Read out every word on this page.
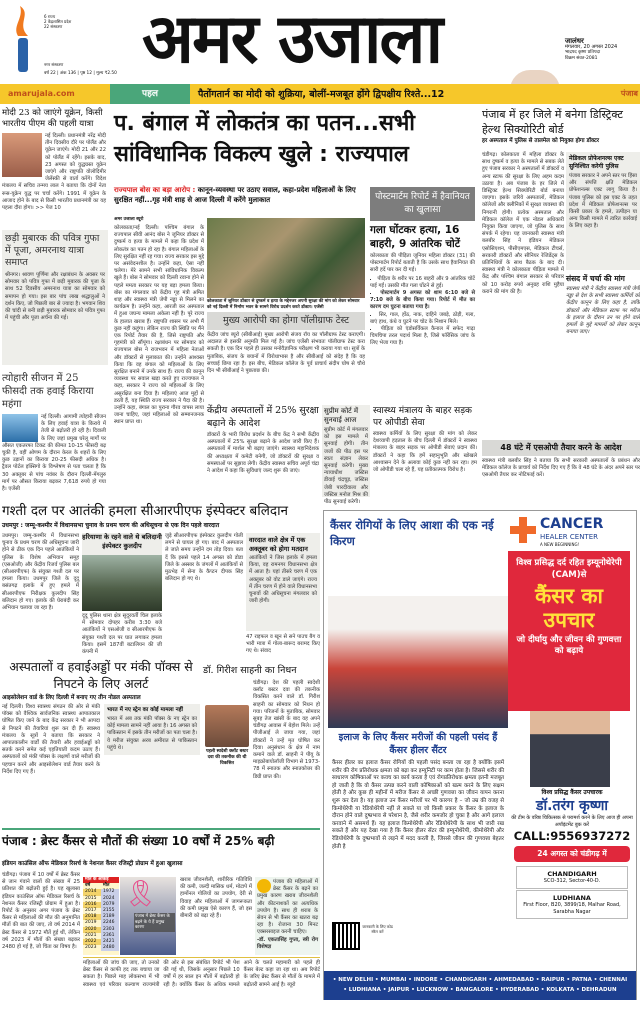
6 राज्य
2 केंद्रशासित प्रदेश
22 संस्करण
नगर संस्करण
वर्ष 22 | अंक 136 | पृष्ठ 12 | मूल्य ₹2.50 अमर उजाला	जालंधर
मंगलवार, 20 अगस्त 2024
भाद्रपद कृष्ण प्रतिपदा
विक्रम संवत-2081
amarujala.com	पहल	पैतोंगतार्न का मोदी को शुक्रिया, बोलीं-मजबूत होंगे द्विपक्षीय रिश्ते...12	पंजाब
मोदी 23 को जाएंगे यूक्रेन, किसी भारतीय पीएम की पहली यात्रा
नई दिल्ली। प्रधानमंत्री नरेंद्र मोदी तीन दिवसीय दौरे पर पोलैंड और यूक्रेन जाएंगे। मोदी 21 और 22 को पोलैंड में रहेंगे। इसके बाद, 23 अगस्त को युद्धग्रस्त यूक्रेन जाएंगे और राष्ट्रपति वोलोदिमीर जेलेंस्की से वार्ता करेंगे। विदेश मंत्रालय में सचिव तन्मय लाल ने बताया कि दोनों नेता रूस-यूक्रेन युद्ध पर चर्चा करेंगे। 1991 में यूक्रेन के आजाद होने के बाद से किसी भारतीय प्रधानमंत्री का यह पहला दौरा होगा। >> पेज 10
छड़ी मुबारक की पवित्र गुफा में पूजा, अमरनाथ यात्रा समाप्त
श्रीनगर। श्रावण पूर्णिमा और रक्षाबंधन के अवसर पर सोमवार को पवित्र गुफा में छड़ी मुबारक की पूजा के साथ 52 दिवसीय अमरनाथ यात्रा का सोमवार को समापन हो गया। इस बार पांच लाख श्रद्धालुओं ने दर्शन किए, जो पिछली बार से ज्यादा है। भगवान शिव की चांदी से बनी छड़ी मुबारक सोमवार को पवित्र गुफा में पहुंची और पूजा अर्चना की गई।
त्योहारी सीजन में 25 फीसदी तक हवाई किराया महंगा
नई दिल्ली। आगामी त्योहारी सीजन के लिए हवाई यात्रा के किराये में तेजी से बढ़ोतरी हो रही है। दिवाली के लिए जहां प्रमुख घरेलू मार्गों पर औसत एकतरफा टिकट की कीमत 10-15 फीसदी बढ़ चुकी है, वहीं ओणम के दौरान केरल के शहरों के लिए कुछ उड़ानों का किराया 20-25 फीसदी अधिक है। ट्रैवल पोर्टल इक्सिगो के विश्लेषण से पता चलता है कि 30 अक्तूबर से पांच नवंबर के दौरान दिल्ली-मेंगलुरु मार्ग पर औसत किराया बढ़कर 7,618 रुपये हो गया है। एजेंसी
प. बंगाल में लोकतंत्र का पतन...सभी सांविधानिक विकल्प खुले : राज्यपाल
राज्यपाल बोस का बड़ा आरोप : कानून-व्यवस्था पर उठाए सवाल, कहा-प्रदेश महिलाओं के लिए सुरक्षित नहीं...गृह मंत्री शाह से आज दिल्ली में करेंगे मुलाकात
अमर उजाला ब्यूरो
कोलकाता/नई दिल्ली। पश्चिम बंगाल के राज्यपाल सीवी आनंद बोस ने जूनियर डॉक्टर से दुष्कर्म व हत्या के मामले में कहा कि प्रदेश में लोकतंत्र का पतन हो रहा है। बंगाल महिलाओं के लिए सुरक्षित नहीं रह गया। राज्य सरकार इस मुद्दे पर असंवेदनशील है। उन्होंने कहा, ऐसा नहीं चलेगा। मेरे सामने सभी सांविधानिक विकल्प खुले हैं। बोस ने सोमवार को दिल्ली रवाना होने से पहले ममता सरकार पर यह बड़ा हमला किया। बोस का मंगलवार को केंद्रीय गृह मंत्री अमित शाह और स्वास्थ्य मंत्री जेपी नड्डा से मिलने का कार्यक्रम है। उन्होंने कहा, आरजी कर अस्पताल में हुआ जघन्य मामला अकेला नहीं है। पूरे राज्य के हालात खराब हैं। राष्ट्रपति शासन पर अभी मैं कुछ नहीं कहूंगा। लेकिन राज्य की स्थिति पर मैंने एक रिपोर्ट तैयार की है, जिसे राष्ट्रपति और गृहमंत्री को सौंपूंगा। रक्षाबंधन पर सोमवार को राज्यपाल बोस ने राजभवन में महिला नेताओं और डॉक्टरों से मुलाकात की। उन्होंने आश्वस्त किया कि वह बंगाल को महिलाओं के लिए सुरक्षित बनाने में उनके साथ हैं। राज्य की कानून व्यवस्था पर सवाल खड़ा करते हुए राज्यपाल ने कहा, सरकार ने राज्य को महिलाओं के लिए असुरक्षित बना दिया है। महिलाएं आज मुद्दों से डरती हैं, यह स्थिति राज्य सरकार ने पैदा की है। उन्होंने कहा, बंगाल का पुराना गौरव वापस लाया जाना चाहिए, जहां महिलाओं को सम्मानजनक स्थान प्राप्त था।
कोलकाता में जूनियर डॉक्टर से दुष्कर्म व हत्या के मद्देनजर अपनी सुरक्षा की मांग को लेकर सोमवार को नई दिल्ली में निर्माण भवन के सामने विरोध प्रदर्शन करते डॉक्टर। एजेंसी
मुख्य आरोपी का होगा पॉलीग्राफ टेस्ट
केंद्रीय जांच ब्यूरो (सीबीआई) मुख्य आरोपी संजय रॉय का पॉलीग्राफ टेस्ट कराएगी। अदालत से इसकी अनुमति मिल गई है। जांच एजेंसी संभवतः पॉलीग्राफ टेस्ट करा सकती है। एक दिन पहले ही उसका मनोवैज्ञानिक परीक्षण भी कराया गया था। सूत्रों के मुताबिक, संजय के बयानों में विरोधाभास है और सीबीआई को संदेह है कि वह सच्चाई छिपा रहा है। इस बीच, मेडिकल कॉलेज के पूर्व प्राचार्य संदीप घोष से चौथे दिन भी सीबीआई ने पूछताछ की।
पोस्टमार्टम रिपोर्ट में हैवानियत का खुलासा
गला घोंटकर हत्या, 16 बाहरी, 9 आंतरिक चोटें
कोलकाता की पीड़िता जूनियर महिला डॉक्टर (31) की पोस्टमार्टम रिपोर्ट बताती है कि उसके साथ हैवानियत की सारी हदें पार कर दी गईं।
▪ पीड़िता के शरीर पर 16 बाहरी और 9 आंतरिक चोटें पाई गईं। उसकी मौत गला घोंटने से हुई।
▪ पोस्टमार्टम 9 अगस्त को शाम 6:10 बजे से 7:10 बजे के बीच किया गया। रिपोर्ट में मौत का कारण दम घुटना बताया गया है।
▪ सिर, गाल, होंठ, नाक, दाहिने जबड़े, ठोड़ी, गला, बाएं हाथ, कंधे व घुटने पर चोट के निशान मिले।
▪ पीड़िता को एंडोसर्विकल कैनाल में सफेद गाढ़ा चिपचिपा तरल पदार्थ मिला है, जिसे फॉरेंसिक जांच के लिए भेजा गया है।
केंद्रीय अस्पतालों में 25% सुरक्षा बढ़ाने के आदेश
डॉक्टरों के भारी विरोध प्रदर्शन के बीच केंद्र ने सभी केंद्रीय अस्पतालों में 25% सुरक्षा बढ़ाने के आदेश जारी किए हैं। अस्पतालों में मार्शल भी बढ़ाए जाएंगे। स्वास्थ्य महानिदेशक की अध्यक्षता में कमेटी बनेगी, जो डॉक्टरों की सुरक्षा व समस्याओं पर सुझाव लेगी। केंद्रीय स्वास्थ्य सचिव अपूर्व चंद्रा ने आदेश में कहा कि सुविधाएं जल्द शुरू की जाएं।
सुप्रीम कोर्ट में सुनवाई आज
सुप्रीम कोर्ट में मंगलवार को इस मामले में सुनवाई होगी। तीन जजों की पीठ इस पर स्वतः संज्ञान लेकर सुनवाई करेगी। मुख्य न्यायाधीश जस्टिस डीवाई चंद्रचूड़, जस्टिस जेबी पारदीवाला और जस्टिस मनोज मिश्र की पीठ सुनवाई करेगी।
स्वास्थ्य मंत्रालय के बाहर सड़क पर ओपीडी सेवा
स्वास्थ्य कर्मियों के लिए सुरक्षा की मांग को लेकर देशव्यापी हड़ताल के बीच दिल्ली में डॉक्टरों ने स्वास्थ्य मंत्रालय के बाहर सड़क पर ओपीडी सेवाएं प्रदान कीं। डॉक्टरों ने कहा कि हमें सहानुभूति और खोखले आश्वासन देने के अलावा कोई कुछ नहीं कर रहा। हम जो ओपीडी चला रहे हैं, यह प्रतीकात्मक विरोध है।
पंजाब में हर जिले में बनेगा डिस्ट्रिक्ट हेल्थ सिक्योरिटी बोर्ड
हर अस्पताल में पुलिस से तालमेल को नियुक्त होगा डॉक्टर
चंडीगढ़। कोलकाता में महिला डॉक्टर के साथ दुष्कर्म व हत्या के मामले से सबक लेते हुए पंजाब सरकार ने अस्पतालों में डॉक्टरों व अन्य स्टाफ की सुरक्षा के लिए अहम कदम उठाया है। अब पंजाब के हर जिले में डिस्ट्रिक्ट हेल्थ सिक्योरिटी बोर्ड बनाया जाएगा। इसके जरिये अस्पतालों, मेडिकल कॉलेजों और क्लीनिकों में सुरक्षा व्यवस्था की निगरानी होगी। प्रत्येक अस्पताल और मेडिकल कॉलेज में एक नोडल अधिकारी नियुक्त किया जाएगा, जो पुलिस के साथ संपर्क में रहेगा। यह जानकारी स्वास्थ्य मंत्री बलबीर सिंह ने इंडियन मेडिकल एसोसिएशन, पीसीएमएस, मेडिकल टीचर्स, सरकारी डॉक्टरों और सीनियर रेजिडेंट्स के प्रतिनिधियों के साथ बैठक के बाद दी। स्वास्थ्य मंत्री ने कोलकाता पीड़िता मामले में केंद्र और पश्चिम बंगाल सरकार से परिवार को 10 करोड़ रुपये अनुग्रह राशि मुहैया कराने की मांग की है।
मेडिकल प्रोफेशनल्स एक्ट सुनिश्चित करेगी पुलिस
पंजाब सरकार ने अपने स्तर पर हिंसा और संपत्ति क्षति मेडिकल प्रोफेशनल्स एक्ट लागू किया है। पंजाब पुलिस को इस एक्ट के तहत प्रदेश में मेडिकल प्रोफेशनल्स पर किसी प्रकार के हमले, उत्पीड़न या अन्य किसी मामले में त्वरित कार्रवाई के लिए कहा है।
संसद में चर्चा की मांग
स्वास्थ्य मंत्री ने केंद्रीय स्वास्थ्य मंत्री जेपी नड्डा से देश के सभी स्वास्थ्य कर्मियों को केंद्रीय कानून के लिए कहा है, ताकि डॉक्टरों और मेडिकल स्टाफ पर मरीज के इलाज के दौरान उन पर होने वाले हमलों के मुद्दे मामलों को लेकर कानून बनाया जाए।
48 घंटे में एसओपी तैयार करने के आदेश
स्वास्थ्य मंत्री बलबीर सिंह ने बताया कि सभी सरकारी अस्पतालों के प्रबंधन और मेडिकल कॉलेज के प्राचार्य को निर्देश दिए गए हैं कि वे 48 घंटे के अंदर अपने स्तर पर एसओपी तैयार कर नोटिफाई करें।
गश्ती दल पर आतंकी हमला सीआरपीएफ इंस्पेक्टर बलिदान
उधमपुर : जम्मू-कश्मीर में विधानसभा चुनाव के प्रथम चरण की अधिसूचना से एक दिन पहले वारदात
उधमपुर। जम्मू-कश्मीर में विधानसभा चुनाव के प्रथम चरण की अधिसूचना जारी होने से ठीक एक दिन पहले आतंकियों ने पुलिस के विशेष अभियान समूह (एसओजी) और केंद्रीय रिजर्व पुलिस बल (सीआरपीएफ) के संयुक्त गश्ती दल पर हमला किया। उधमपुर जिले के दूदू बसंतगढ़ इलाके में हुए हमले में सीआरपीएफ निरीक्षक कुलदीप सिंह बलिदान हो गए। इलाके की घेराबंदी कर अभियान चलाया जा रहा है।
हरियाणा के रहने वाले थे बलिदानी इंस्पेक्टर कुलदीप
दूदू पुलिस थाना क्षेत्र सुदूरवर्ती चिल इलाके में सोमवार दोपहर करीब 3:30 बजे आतंकियों ने एसओजी व सीआरपीएफ के संयुक्त गश्ती दल पर घात लगाकर हमला किया। इसमें 187वीं बटालियन की जी कंपनी में
जुड़े सीआरपीएफ इंस्पेक्टर कुलदीप गोली लगने से घायल हो गए। बाद में अस्पताल ले जाते समय उन्होंने दम तोड़ दिया। बता दें कि इससे पहले 14 अगस्त को डोडा जिले के अस्सार के जंगलों में आतंकियों से मुठभेड़ में सेना के कैप्टन दीपक सिंह बलिदान हो गए थे।
वारदात वाले क्षेत्र में एक अक्तूबर को होगा मतदान
आतंकियों ने जिस इलाके में हमला किया, वह रामनगर विधानसभा क्षेत्र में आता है। यहां तीसरे चरण में एक अक्तूबर को वोट डाले जाएंगे। राज्य में तीन चरण में होने वाले विधानसभा चुनावों की अधिसूचना मंगलवार को जारी होगी।
47 राइफल व खून से सने पाउच बैग व भारी मात्रा में गोला-बारूद बरामद किए गए थे। संवाद
अस्पतालों व हवाईअड्डों पर मंकी पॉक्स से निपटने के लिए अलर्ट
आइसोलेशन वार्ड के लिए दिल्ली में बनाए गए तीन नोडल अस्पताल
नई दिल्ली। विश्व स्वास्थ्य संगठन की ओर से मंकी पॉक्स को वैश्विक सार्वजनिक स्वास्थ्य आपातकाल घोषित किए जाने के बाद केंद्र सरकार ने भी आपदा से निपटने की तैयारियां शुरू कर दी हैं। स्वास्थ्य मंत्रालय के सूत्रों ने बताया कि सरकार ने आपातकालीन वार्डों की तैयारी और हवाईअड्डों को सतर्क करने समेत कई एहतियाती कदम उठाए हैं। अस्पतालों को मंकी पॉक्स के लक्षणों वाले मरीजों की पहचान करने और आइसोलेशन वार्ड तैयार करने के निर्देश दिए गए हैं।
भारत में नए स्ट्रेन का कोई मामला नहीं
भारत में अब तक मंकी पॉक्स के नए स्ट्रेन का कोई मामला सामने नहीं आया है। 16 अगस्त को पाकिस्तान में इसके तीन मरीजों का पता चला है। ये मरीज संयुक्त अरब अमीरात से पाकिस्तान पहुंचे थे।
डॉ. गिरीश साहनी का निधन
पहली स्वदेशी क्लॉट बस्टर दवा की तकनीक की थी विकसित
चंडीगढ़। देश की पहली स्वदेशी क्लॉट बस्टर दवा की तकनीक विकसित करने वाले डॉ. गिरीश साहनी का सोमवार को निधन हो गया। परिजनों के मुताबिक, सोमवार सुबह तेज खांसी के बाद वह अपने चंडीगढ़ आवास में बेहोश मिले। उन्हें पीजीआई ले जाया गया, जहां डॉक्टरों ने उन्हें मृत घोषित कर दिया। अनुसंधान के क्षेत्र में नाम कमाने वाले डॉ. साहनी ने पीयू के माइक्रोबायोलॉजी विभाग से 1973-78 में स्नातक और स्नातकोत्तर की डिग्री प्राप्त की।
पंजाब : ब्रेस्ट कैंसर से मौतों की संख्या 10 वर्षों में 25% बढ़ी
इंडियन काउंसिल ऑफ मेडिकल रिसर्च के नेशनल कैंसर रजिस्ट्री प्रोग्राम में हुआ खुलासा
चंडीगढ़। पंजाब में 10 वर्षों में ब्रेस्ट कैंसर से जान गंवाने वालों की संख्या में 25 प्रतिशत की बढ़ोतरी हुई है। यह खुलासा इंडियन काउंसिल ऑफ मेडिकल रिसर्च के नेशनल कैंसर रजिस्ट्री प्रोग्राम में हुआ है। रिपोर्ट के अनुसार अगर पंजाब के ब्रेस्ट कैंसर से महिलाओं की मौत की अनुमानित मौतों की बात की जाए, तो वर्ष 2014 में ब्रेस्ट कैंसर से 1972 मौतें हुई थीं, लेकिन वर्ष 2023 में मौतों की संख्या बढ़कर 2480 हो गई है, जो चिंता का विषय है।
मौत के आंकड़े
वर्ष	मौत
2014	1972
2015	2024
2016	2079
2017	2155
2018	2189
2019	2246
2020	2303
2021	2361
2022	2421
2023	2480
🎗
पंजाब में ब्रेस्ट कैंसर के बढ़ने के ये हैं प्रमुख कारण
खराब जीवनशैली, शारीरिक गतिविधि की कमी, जल्दी मासिक धर्म, मोटापे में हार्मोनल गोलियों का उपयोग, देरी से विवाह और महिलाओं में जागरूकता की कमी प्रमुख ऐसे कारण हैं, जो इस बीमारी को बढ़ा रहे हैं।
पंजाब की महिलाओं में ब्रेस्ट कैंसर के बढ़ने का प्रमुख कारण खराब जीवनशैली और कीटनाशकों का अत्यधिक उपयोग है। साथ ही शराब के सेवन से भी कैंसर का खतरा बढ़ रहा है। रोजाना 30 मिनट एक्सरसाइज करनी चाहिए।
-डॉ. एकतासिंह गुप्ता, स्त्री रोग विशेषज्ञ
महिलाओं की जांच की जाए, तो उनको ब्रेस्ट कैंसर से काफी हद तक बचाया जा सकता है। पिछले माह लोकसभा में भी स्वास्थ्य एवं परिवार कल्याण राज्यमंत्री की ओर से इस संबंधित रिपोर्ट भी पेश की गई थी, जिसके अनुसार पिछले 10 वर्षों में हर साल इन मौतों में बढ़ोतरी हो रही है। क्योंकि कैंसर के अधिक मामले आने के चलते महामारी को पहले ही कैंसर बेल्ट कहा जा रहा था। अब रिपोर्ट के जरिए ब्रेस्ट कैंसर से मौतों के मामले में बढ़ोतरी सामने आई है। ब्यूरो
कैंसर रोगियों के लिए आशा की एक नई किरण
CANCER
HEALER CENTER
A NEW BEGINNING!
विश्व प्रसिद्ध दर्द रहित इम्यूनोथेरेपी (CAM)से
कैंसर का उपचार
जो दीर्घायु और जीवन की गुणवत्ता को बढ़ाये
इलाज के लिए कैंसर मरीजों की पहली पसंद हैं कैंसर हीलर सैंटर
जानकारी के लिए कोड स्कैन करें
कैंसर हीलर का इलाज कैंसर रोगियों की पहली पसंद बनता जा रहा है क्योंकि इसमें शरीर की रोग प्रतिरोधक क्षमता को बढ़ा कर इम्यूनिटी पर काम होता है। जिससे शरीर की साधारण कोषिकाओं पर कवच का कार्य करता है एवं रोगप्रतिरोधक क्षमता इतनी मजबूत हो जाती है कि वो कैंसर उत्पन्न करने वाली कोषिकाओं को खत्म करने के लिए सक्षम होती है और कुछ ही महीनों में मरीज कैंसर से अच्छी गुणवत्ता का जीवन यापन करना शुरू कर देता है। यह इलाज उन कैंसर मरीजों पर भी कारगर है – जो उम्र की वजह से किमोथेरेपी या रेडियोथेरेपी नहीं ले सकते या जो किसी प्रकार के कैंसर के इलाज के दौरान होने वाले दुष्प्रभाव से परेशान है, जैसे शरीर कमजोर हो चुका है और आगे इलाज करवाने में असमर्थ हैं। यह इलाज किमोथेरेपी और रेडियोथेरेपी के साथ भी जारी रख सकते हैं और यह देखा गया है कि कैंसर हीलर सेंटर की इम्यूनोथेरेपी, कीमोथेरेपी और रेडियोथेरेपी के दुष्प्रभावों से लड़ने में मदद करती है, जिससे जीवन की गुणवत्ता बेहतर होती है
विश्व प्रसिद्ध कैंसर उपचारक
डॉ.तरंग कृष्णा
की टीम के वरिष्ठ चिकित्सक से परामर्श करने के लिए आज ही अपना अपॉइंटमेंट बुक करें
CALL:9556937272
24 अगस्त को चंडीगढ़ में
CHANDIGARH
SCO-312, Sector-40-D.
LUDHIANA
First Floor, B20, 3899/18, Malhar Road, Sarabha Nagar
• NEW DELHI • MUMBAI • INDORE • CHANDIGARH • AHMEDABAD • RAIPUR • PATNA • CHENNAI
• LUDHIANA • JAIPUR • LUCKNOW • BANGALORE • HYDERABAD • KOLKATA • DEHRADUN
